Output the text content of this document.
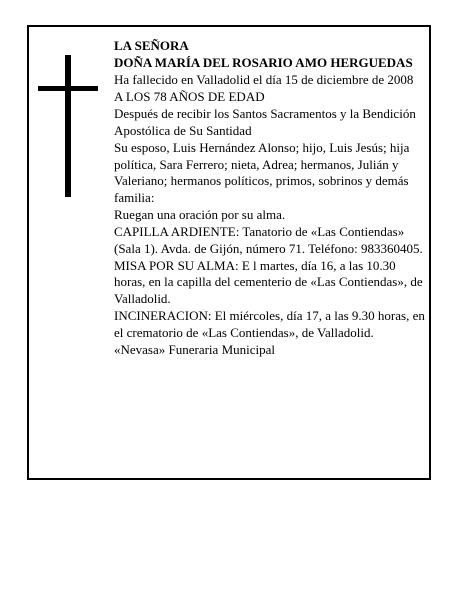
LA SEÑORA

DOÑA MARÍA DEL ROSARIO AMO HERGUEDAS

Ha fallecido en Valladolid el día 15 de diciembre de 2008

A LOS 78 AÑOS DE EDAD

Después de recibir los Santos Sacramentos y la Bendición Apostólica de Su Santidad

Su esposo, Luis Hernández Alonso; hijo, Luis Jesús; hija política, Sara Ferrero; nieta, Adrea; hermanos, Julián y Valeriano; hermanos políticos, primos, sobrinos y demás familia:

Ruegan una oración por su alma.

CAPILLA ARDIENTE: Tanatorio de «Las Contiendas» (Sala 1). Avda. de Gijón, número 71. Teléfono: 983360405.

MISA POR SU ALMA: E l martes, día 16, a las 10.30 horas, en la capilla del cementerio de «Las Contiendas», de Valladolid.

INCINERACION: El miércoles, día 17, a las 9.30 horas, en el crematorio de «Las Contiendas», de Valladolid.

«Nevasa» Funeraria Municipal
